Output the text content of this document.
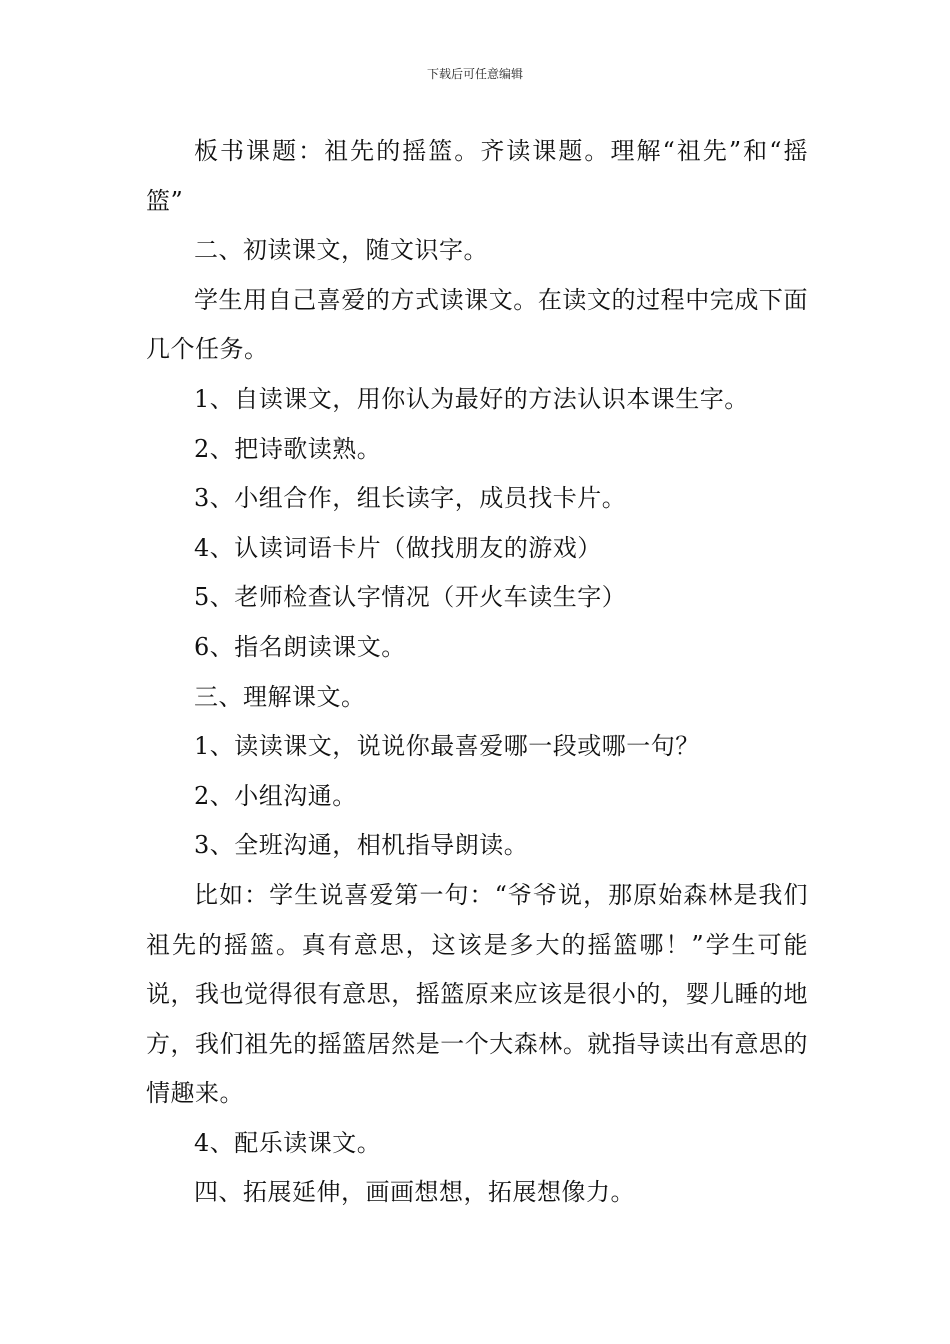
下载后可任意编辑

板书课题：祖先的摇篮。齐读课题。理解“祖先”和“摇篮”

二、初读课文，随文识字。

学生用自己喜爱的方式读课文。在读文的过程中完成下面几个任务。

1、自读课文，用你认为最好的方法认识本课生字。

2、把诗歌读熟。

3、小组合作，组长读字，成员找卡片。

4、认读词语卡片（做找朋友的游戏）

5、老师检查认字情况（开火车读生字）

6、指名朗读课文。

三、理解课文。

1、读读课文，说说你最喜爱哪一段或哪一句？

2、小组沟通。

3、全班沟通，相机指导朗读。

比如：学生说喜爱第一句：“爷爷说，那原始森林是我们祖先的摇篮。真有意思，这该是多大的摇篮哪！”学生可能说，我也觉得很有意思，摇篮原来应该是很小的，婴儿睡的地方，我们祖先的摇篮居然是一个大森林。就指导读出有意思的情趣来。

4、配乐读课文。

四、拓展延伸，画画想想，拓展想像力。
